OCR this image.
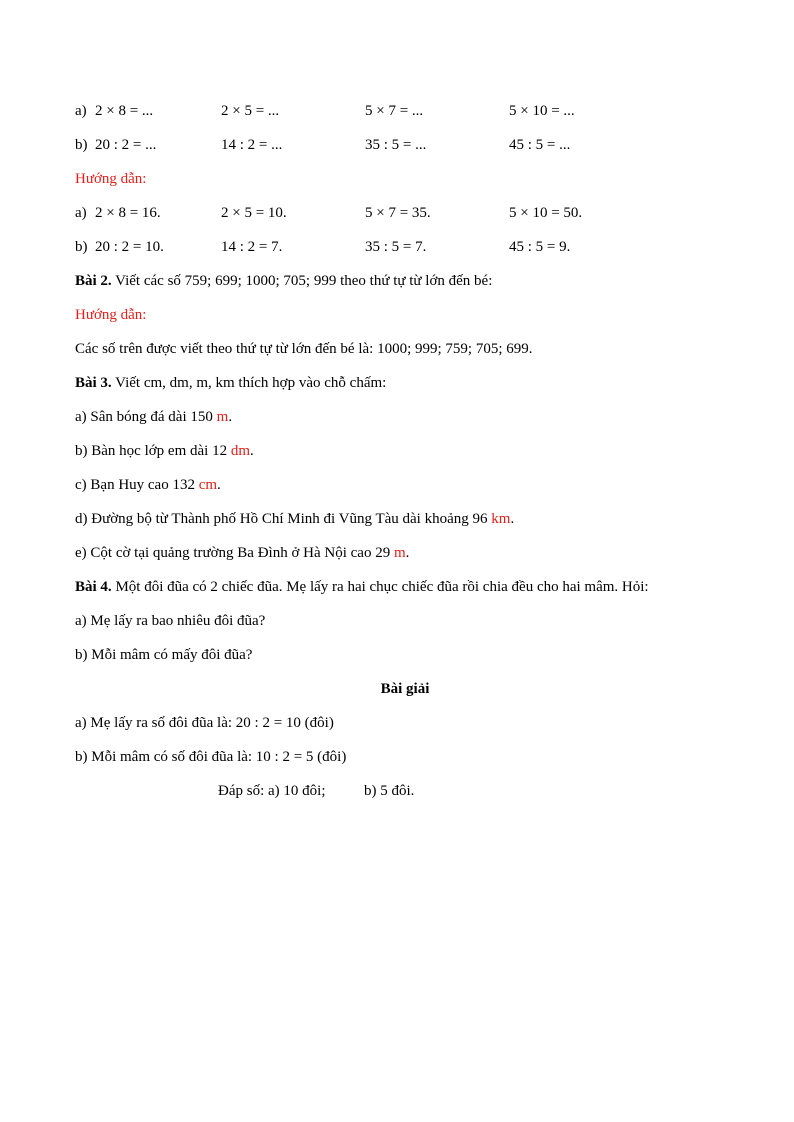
a) 2 × 8 = ...	2 × 5 = ...	5 × 7 = ...	5 × 10 = ...
b) 20 : 2 = ...	14 : 2 = ...	35 : 5 = ...	45 : 5 = ...
Hướng dẫn:
a) 2 × 8 = 16.	2 × 5 = 10.	5 × 7 = 35.	5 × 10 = 50.
b) 20 : 2 = 10.	14 : 2 = 7.	35 : 5 = 7.	45 : 5 = 9.
Bài 2. Viết các số 759; 699; 1000; 705; 999 theo thứ tự từ lớn đến bé:
Hướng dẫn:
Các số trên được viết theo thứ tự từ lớn đến bé là: 1000; 999; 759; 705; 699.
Bài 3. Viết cm, dm, m, km thích hợp vào chỗ chấm:
a) Sân bóng đá dài 150 m.
b) Bàn học lớp em dài 12 dm.
c) Bạn Huy cao 132 cm.
d) Đường bộ từ Thành phố Hồ Chí Minh đi Vũng Tàu dài khoảng 96 km.
e) Cột cờ tại quảng trường Ba Đình ở Hà Nội cao 29 m.
Bài 4. Một đôi đũa có 2 chiếc đũa. Mẹ lấy ra hai chục chiếc đũa rồi chia đều cho hai mâm. Hỏi:
a) Mẹ lấy ra bao nhiêu đôi đũa?
b) Mỗi mâm có mấy đôi đũa?
Bài giải
a) Mẹ lấy ra số đôi đũa là: 20 : 2 = 10 (đôi)
b) Mỗi mâm có số đôi đũa là: 10 : 2 = 5 (đôi)
Đáp số: a) 10 đôi;	b) 5 đôi.
